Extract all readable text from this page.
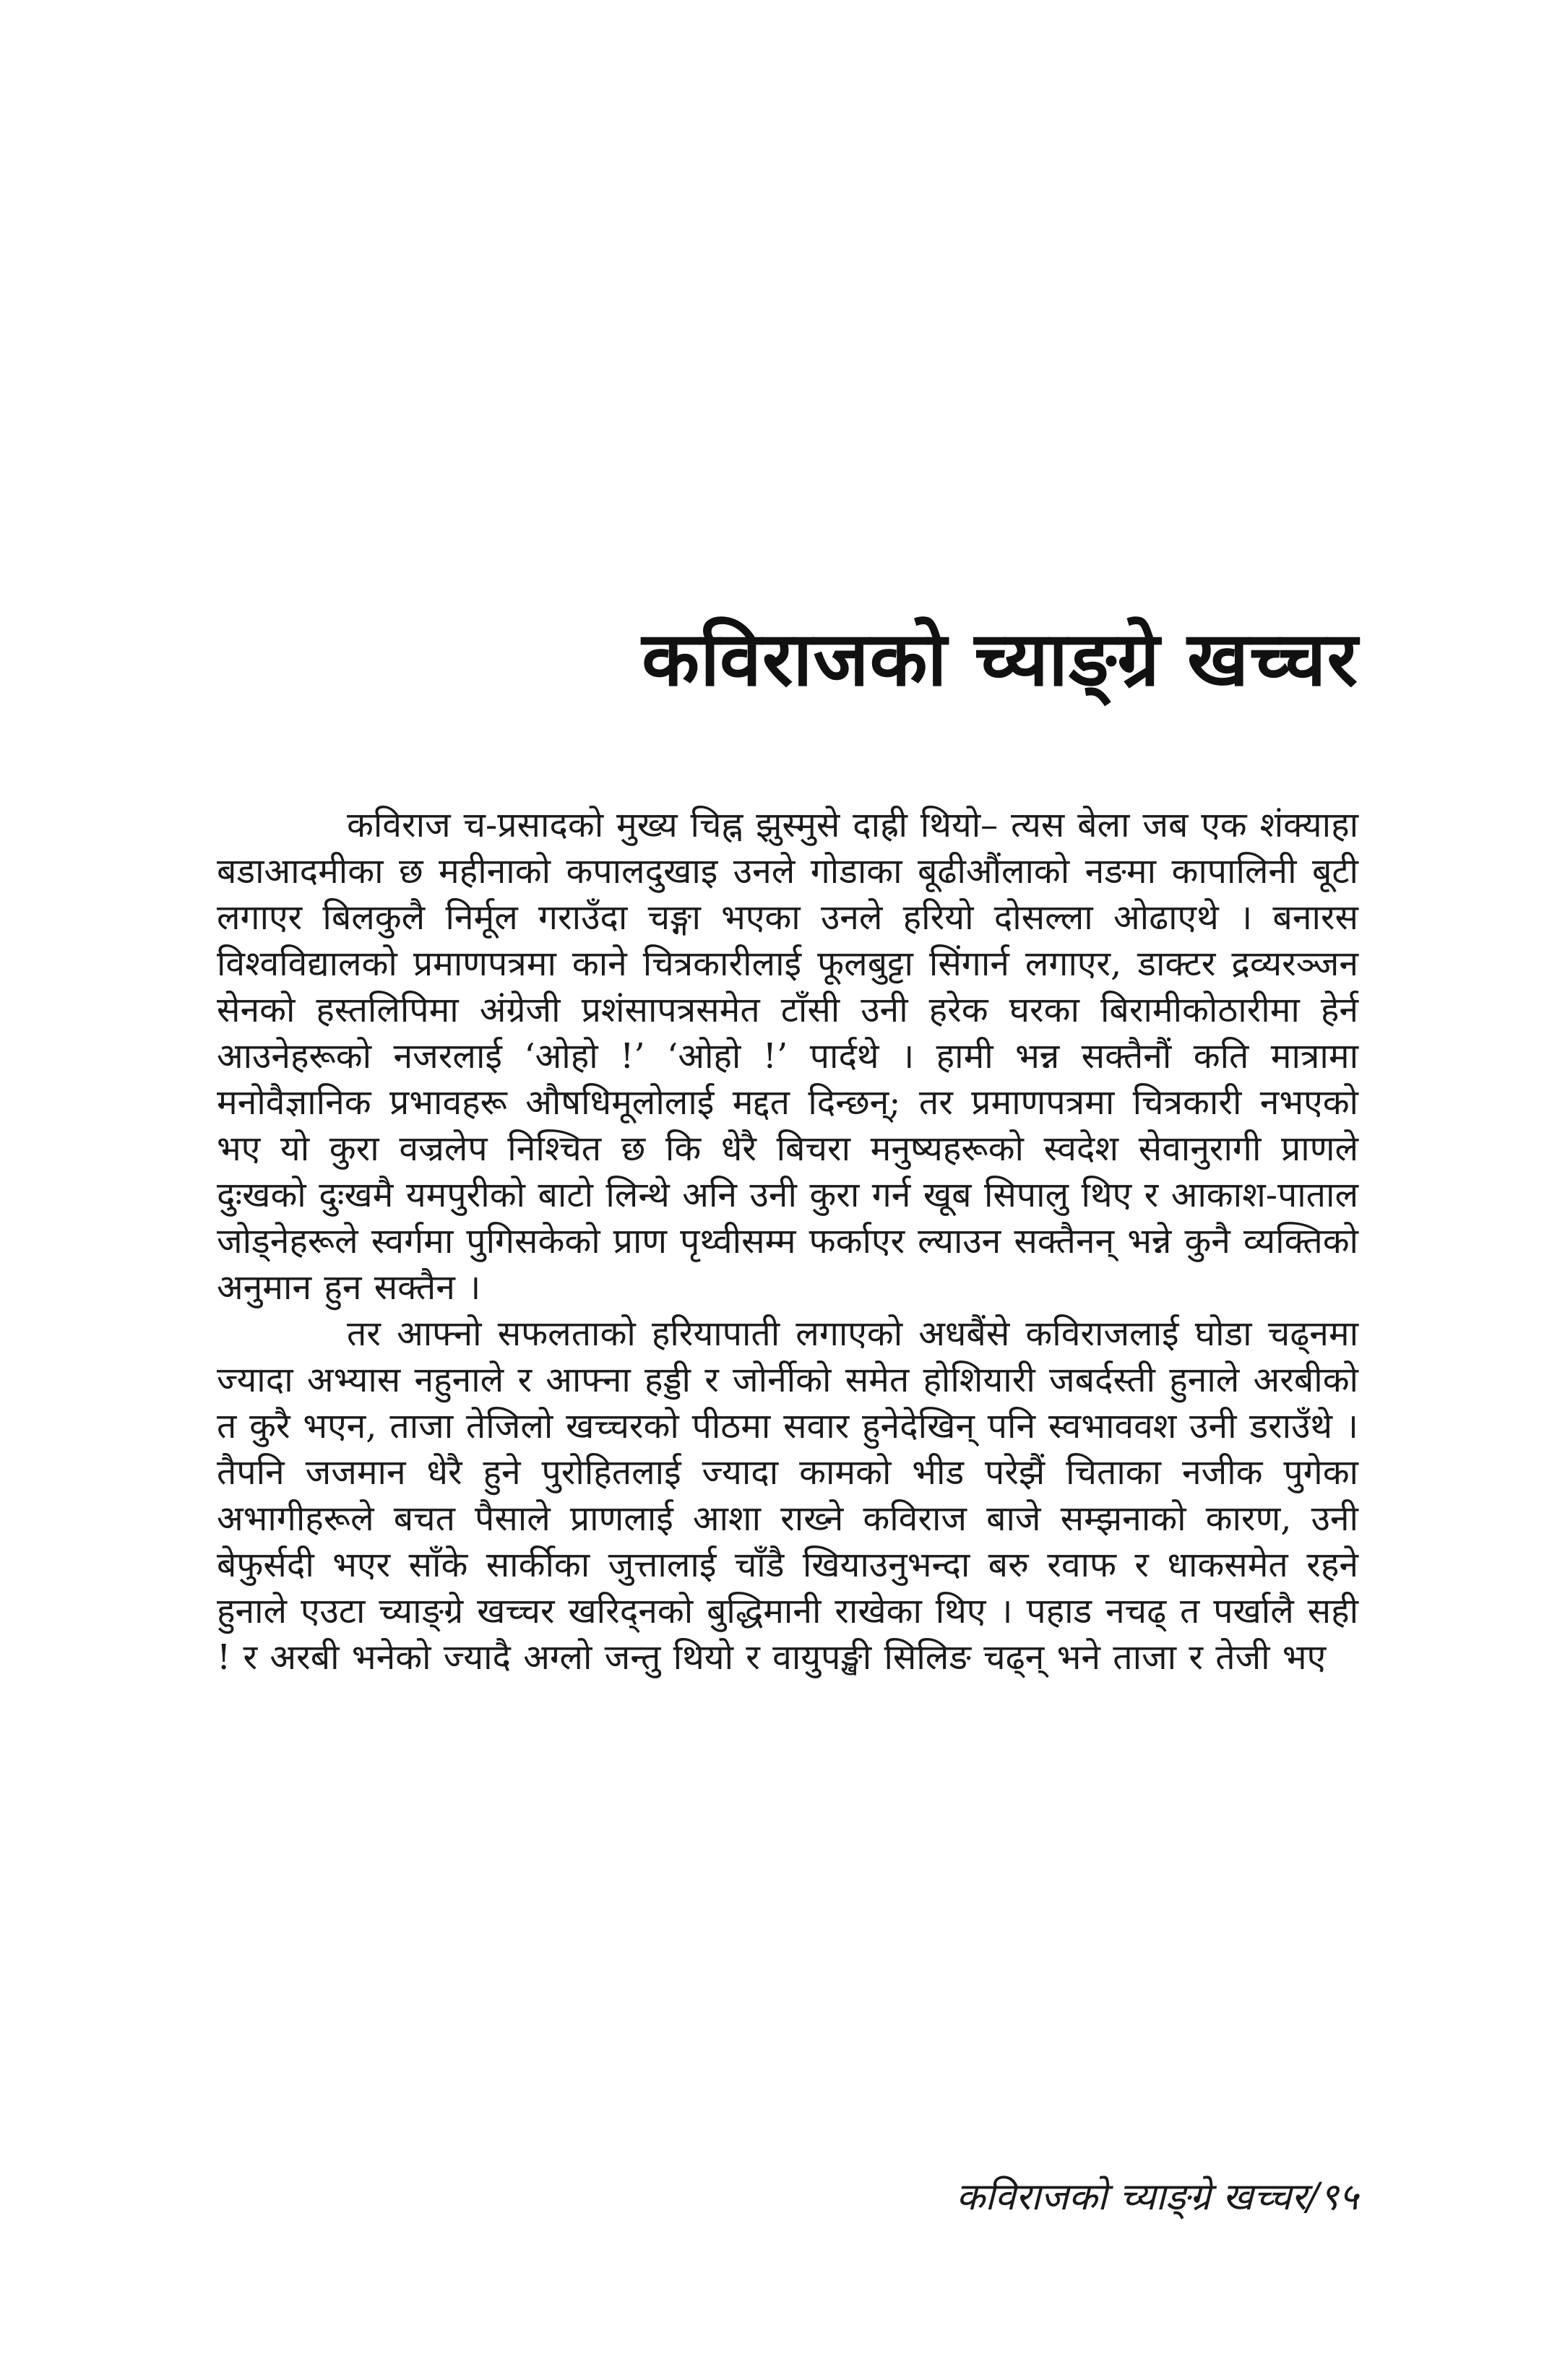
कविराजको च्याङ्ग्रे खच्चर

कविराज च-प्रसादको मुख्य चिह्न झुस्मुसे दाह्री थियो– त्यस बेला जब एक शंक्याहा बडाआदमीका छ महीनाको कपालदुखाइ उनले गोडाका बूढीऔंलाको नङमा कापालिनी बूटी लगाएर बिलकुलै निर्मूल गराउँदा चङ्गा भएका उनले हरियो दोसल्ला ओढाएथे । बनारस विश्वविद्यालको प्रमाणपत्रमा काने चित्रकारीलाई फूलबुट्टा सिंगार्न लगाएर, डाक्टर द्रव्यरञ्जन सेनको हस्तलिपिमा अंग्रेजी प्रशंसापत्रसमेत टाँसी उनी हरेक घरका बिरामीकोठारीमा हेर्न आउनेहरूको नजरलाई ‘ओहो !’ ‘ओहो !’ पार्दथे । हामी भन्न सक्तैनौं कति मात्रामा मनोवैज्ञानिक प्रभावहरू औषधिमूलोलाई मद्दत दिन्छन्; तर प्रमाणपत्रमा चित्रकारी नभएको भए यो कुरा वज्रलेप निश्चित छ कि धेरै बिचरा मनुष्यहरूको स्वदेश सेवानुरागी प्राणले दुःखको दुःखमै यमपुरीको बाटो लिन्थे अनि उनी कुरा गर्न खूब सिपालु थिए र आकाश-पाताल जोड्नेहरूले स्वर्गमा पुगिसकेको प्राण पृथ्वीसम्म फर्काएर ल्याउन सक्तैनन् भन्ने कुनै व्यक्तिको अनुमान हुन सक्तैन ।

तर आफ्नो सफलताको हरियापाती लगाएको अधबैंसे कविराजलाई घोडा चढ्नमा ज्यादा अभ्यास नहुनाले र आफ्ना हड्डी र जोर्नीको समेत होशियारी जबर्दस्ती हुनाले अरबीको त कुरै भएन, ताजा तेजिलो खच्चरको पीठमा सवार हुनेदेखिन् पनि स्वभाववश उनी डराउँथे । तैपनि जजमान धेरै हुने पुरोहितलाई ज्यादा कामको भीड परेझैं चिताका नजीक पुगेका अभागीहरूले बचत पैसाले प्राणलाई आशा राख्ने कविराज बाजे सम्झनाको कारण, उनी बेफुर्सदी भएर साँके सार्कीका जुत्तालाई चाँडै खियाउनुभन्दा बरु रवाफ र धाकसमेत रहने हुनाले एउटा च्याङ्ग्रे खच्चर खरिद्नको बुद्धिमानी राखेका थिए । पहाड नचढ् त पर्खालै सही ! र अरबी भनेको ज्यादै अग्लो जन्तु थियो र वायुपङ्खी सिलिङ चढ्न् भने ताजा र तेजी भए

कविराजको च्याङ्ग्रे खच्चर/९५
